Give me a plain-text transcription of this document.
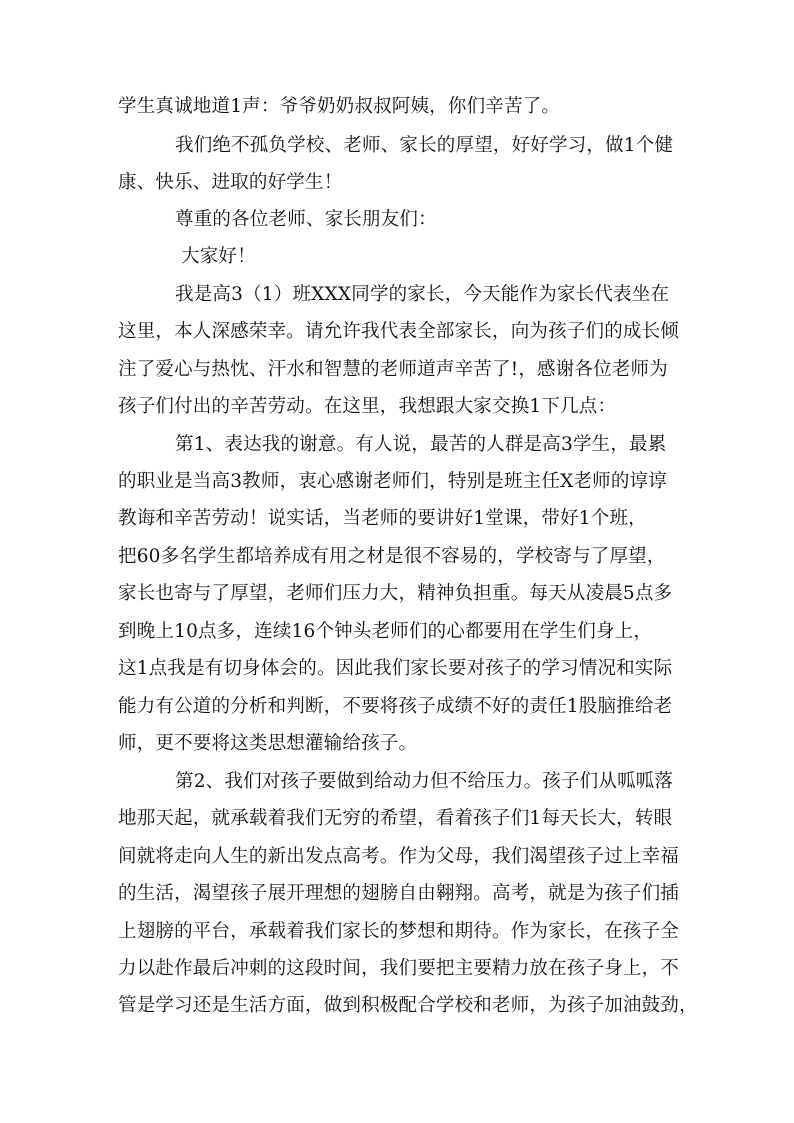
学生真诚地道1声：爷爷奶奶叔叔阿姨，你们辛苦了。
我们绝不孤负学校、老师、家长的厚望，好好学习，做1个健
康、快乐、进取的好学生！
尊重的各位老师、家长朋友们：
大家好！
我是高3（1）班XXX同学的家长，今天能作为家长代表坐在
这里，本人深感荣幸。请允许我代表全部家长，向为孩子们的成长倾
注了爱心与热忱、汗水和智慧的老师道声辛苦了!，感谢各位老师为
孩子们付出的辛苦劳动。在这里，我想跟大家交换1下几点：
第1、表达我的谢意。有人说，最苦的人群是高3学生，最累
的职业是当高3教师，衷心感谢老师们，特别是班主任X老师的谆谆
教诲和辛苦劳动！说实话，当老师的要讲好1堂课，带好1个班，
把60多名学生都培养成有用之材是很不容易的，学校寄与了厚望，
家长也寄与了厚望，老师们压力大，精神负担重。每天从凌晨5点多
到晚上10点多，连续16个钟头老师们的心都要用在学生们身上，
这1点我是有切身体会的。因此我们家长要对孩子的学习情况和实际
能力有公道的分析和判断，不要将孩子成绩不好的责任1股脑推给老
师，更不要将这类思想灌输给孩子。
第2、我们对孩子要做到给动力但不给压力。孩子们从呱呱落
地那天起，就承载着我们无穷的希望，看着孩子们1每天长大，转眼
间就将走向人生的新出发点高考。作为父母，我们渴望孩子过上幸福
的生活，渴望孩子展开理想的翅膀自由翱翔。高考，就是为孩子们插
上翅膀的平台，承载着我们家长的梦想和期待。作为家长，在孩子全
力以赴作最后冲刺的这段时间，我们要把主要精力放在孩子身上，不
管是学习还是生活方面，做到积极配合学校和老师，为孩子加油鼓劲，
